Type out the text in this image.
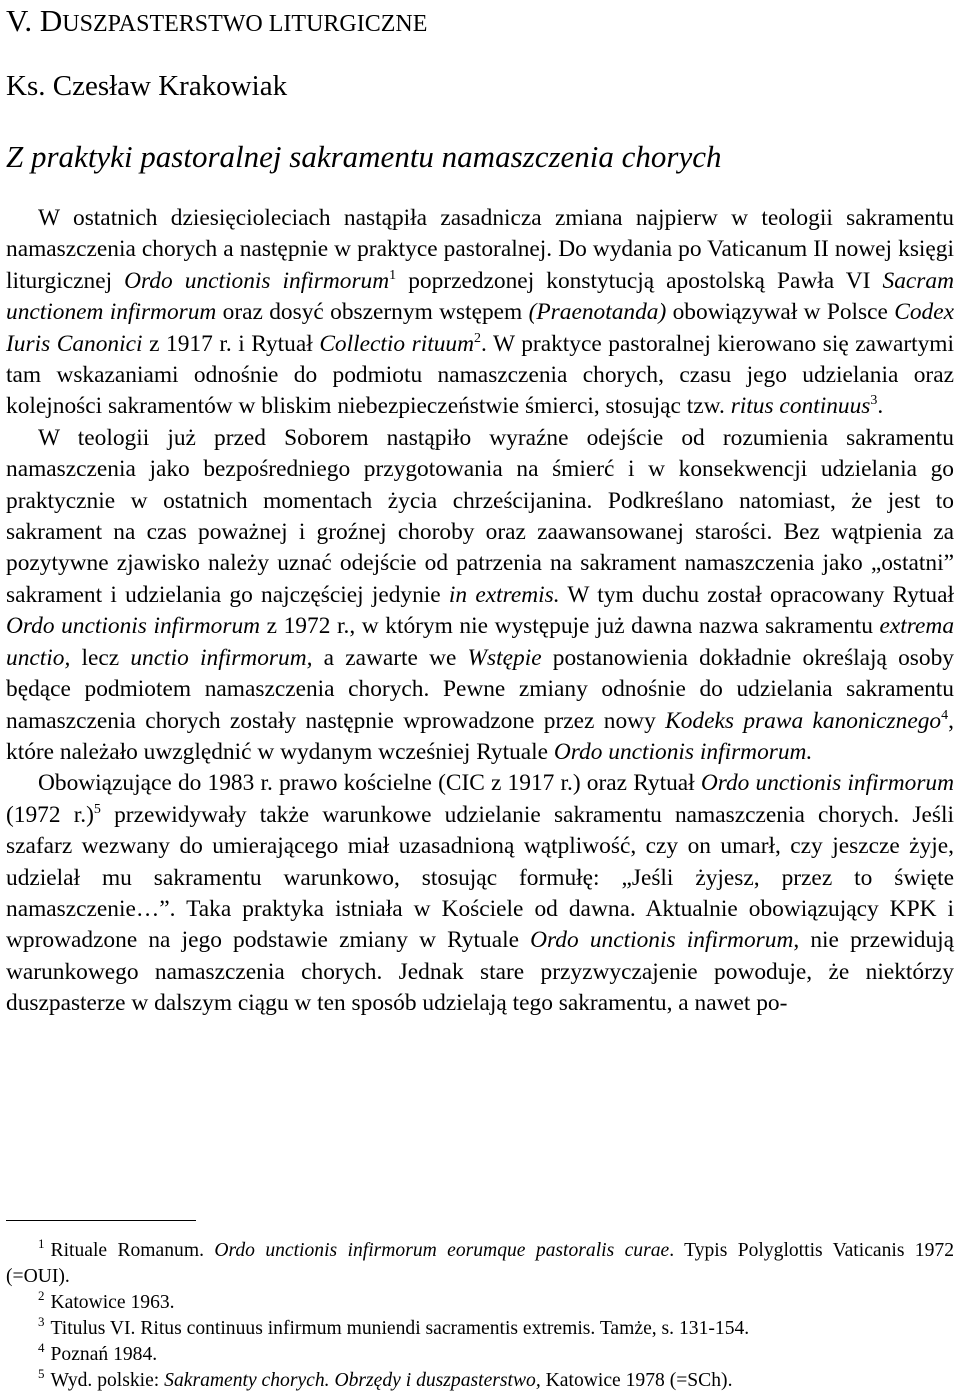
V. DUSZPASTERSTWO LITURGICZNE
Ks. Czesław Krakowiak
Z praktyki pastoralnej sakramentu namaszczenia chorych

W ostatnich dziesięcioleciach nastąpiła zasadnicza zmiana najpierw w teologii sakramentu namaszczenia chorych a następnie w praktyce pastoralnej. Do wydania po Vaticanum II nowej księgi liturgicznej Ordo unctionis infirmorum$^1$ poprzedzonej konstytucją apostolską Pawła VI Sacram unctionem infirmorum oraz dosyć obszernym wstępem (Praenotanda) obowiązywał w Polsce Codex Iuris Canonici z 1917 r. i Rytuał Collectio rituum$^2$. W praktyce pastoralnej kierowano się zawartymi tam wskazaniami odnośnie do podmiotu namaszczenia chorych, czasu jego udzielania oraz kolejności sakramentów w bliskim niebezpieczeństwie śmierci, stosując tzw. ritus continuus$^3$.

W teologii już przed Soborem nastąpiło wyraźne odejście od rozumienia sakramentu namaszczenia jako bezpośredniego przygotowania na śmierć i w konsekwencji udzielania go praktycznie w ostatnich momentach życia chrześcijanina. Podkreślano natomiast, że jest to sakrament na czas poważnej i groźnej choroby oraz zaawansowanej starości. Bez wątpienia za pozytywne zjawisko należy uznać odejście od patrzenia na sakrament namaszczenia jako „ostatni” sakrament i udzielania go najczęściej jedynie in extremis. W tym duchu został opracowany Rytuał Ordo unctionis infirmorum z 1972 r., w którym nie występuje już dawna nazwa sakramentu extrema unctio, lecz unctio infirmorum, a zawarte we Wstępie postanowienia dokładnie określają osoby będące podmiotem namaszczenia chorych. Pewne zmiany odnośnie do udzielania sakramentu namaszczenia chorych zostały następnie wprowadzone przez nowy Kodeks prawa kanonicznego$^4$, które należało uwzględnić w wydanym wcześniej Rytuale Ordo unctionis infirmorum.

Obowiązujące do 1983 r. prawo kościelne (CIC z 1917 r.) oraz Rytuał Ordo unctionis infirmorum (1972 r.)$^5$ przewidywały także warunkowe udzielanie sakramentu namaszczenia chorych. Jeśli szafarz wezwany do umierającego miał uzasadnioną wątpliwość, czy on umarł, czy jeszcze żyje, udzielał mu sakramentu warunkowo, stosując formułę: „Jeśli żyjesz, przez to święte namaszczenie…”. Taka praktyka istniała w Kościele od dawna. Aktualnie obowiązujący KPK i wprowadzone na jego podstawie zmiany w Rytuale Ordo unctionis infirmorum, nie przewidują warunkowego namaszczenia chorych. Jednak stare przyzwyczajenie powoduje, że niektórzy duszpasterze w dalszym ciągu w ten sposób udzielają tego sakramentu, a nawet po-

$^1$ Rituale Romanum. Ordo unctionis infirmorum eorumque pastoralis curae. Typis Polyglottis Vaticanis 1972 (=OUI).

$^2$ Katowice 1963.

$^3$ Titulus VI. Ritus continuus infirmum muniendi sacramentis extremis. Tamże, s. 131-154.

$^4$ Poznań 1984.

$^5$ Wyd. polskie: Sakramenty chorych. Obrzędy i duszpasterstwo, Katowice 1978 (=SCh).
